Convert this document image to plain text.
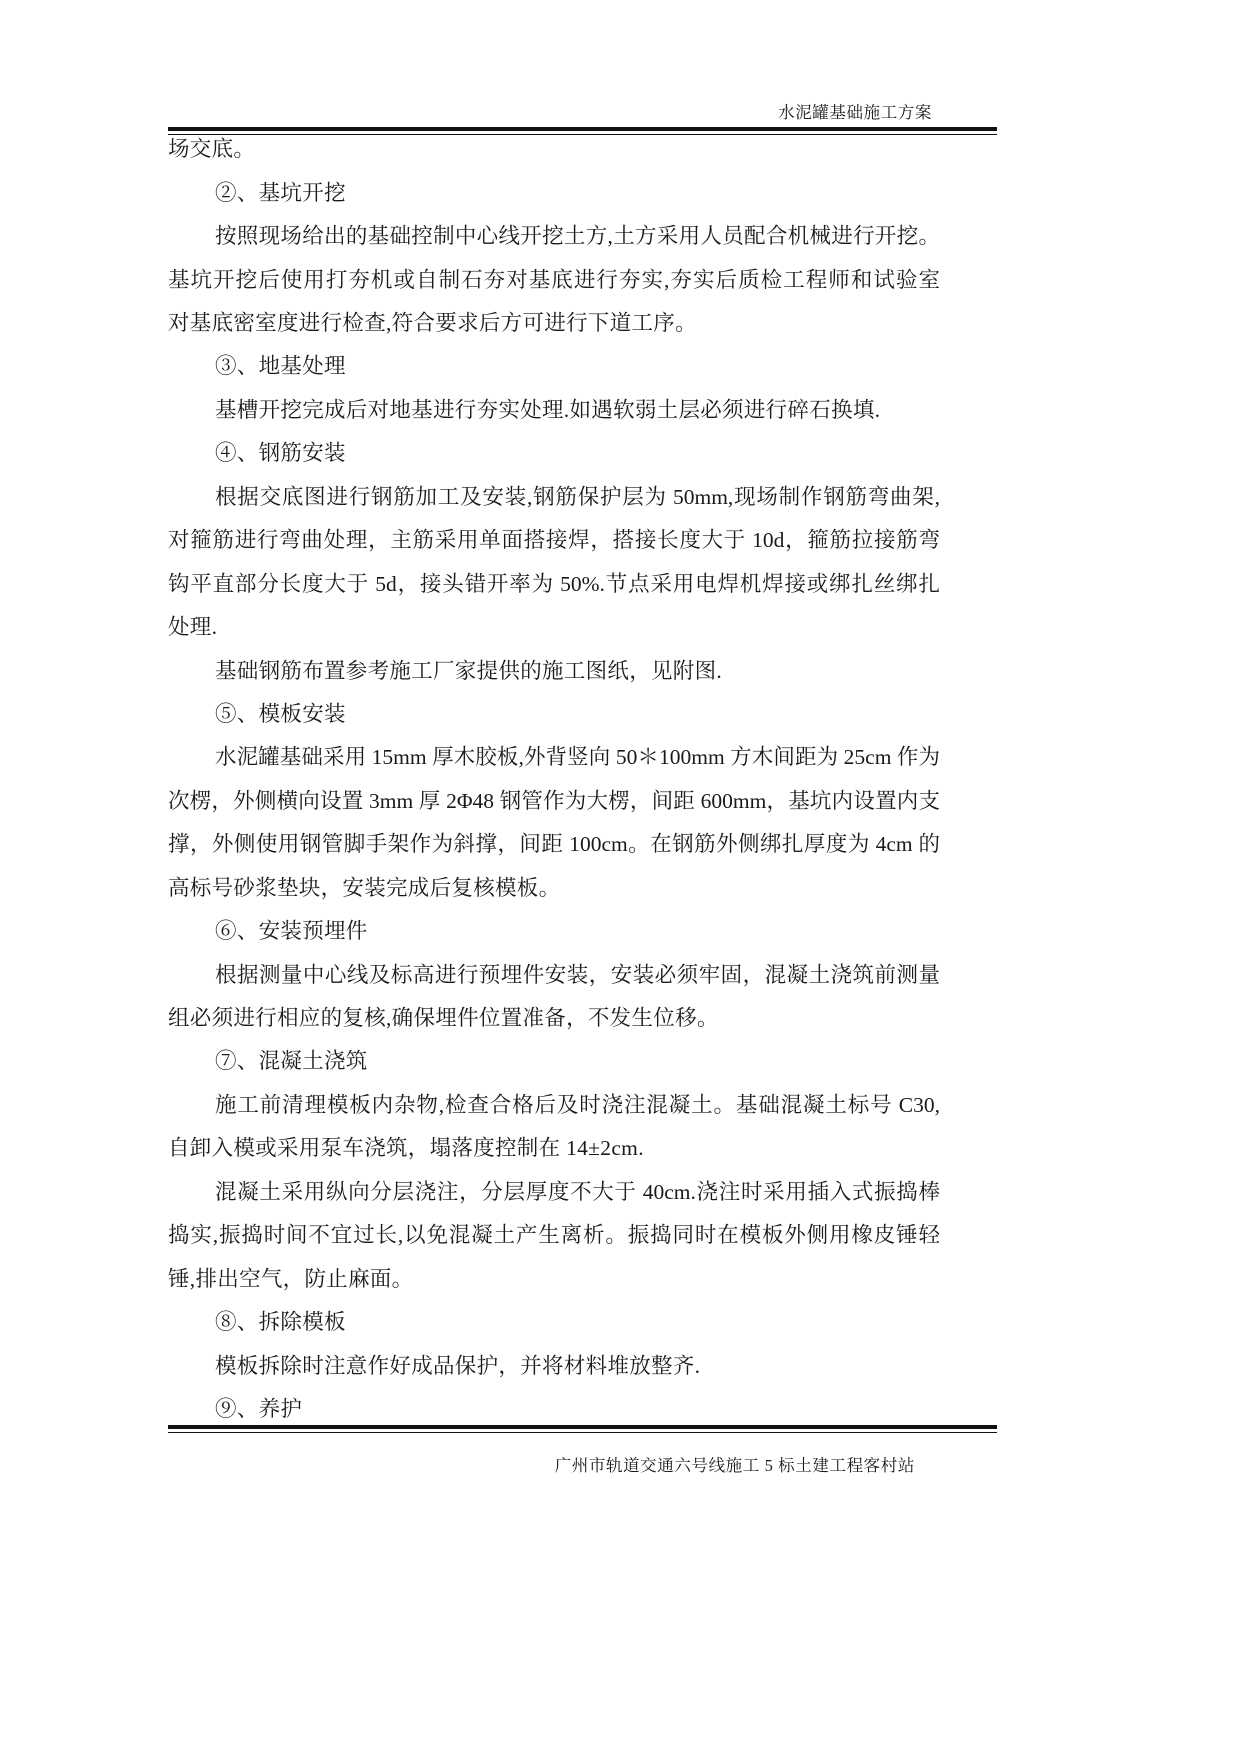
水泥罐基础施工方案
场交底。
②、基坑开挖
按照现场给出的基础控制中心线开挖土方,土方采用人员配合机械进行开挖。
基坑开挖后使用打夯机或自制石夯对基底进行夯实,夯实后质检工程师和试验室
对基底密室度进行检查,符合要求后方可进行下道工序。
③、地基处理
基槽开挖完成后对地基进行夯实处理.如遇软弱土层必须进行碎石换填.
④、钢筋安装
根据交底图进行钢筋加工及安装,钢筋保护层为 50mm,现场制作钢筋弯曲架,
对箍筋进行弯曲处理，主筋采用单面搭接焊，搭接长度大于 10d，箍筋拉接筋弯
钩平直部分长度大于 5d，接头错开率为 50%.节点采用电焊机焊接或绑扎丝绑扎
处理.
基础钢筋布置参考施工厂家提供的施工图纸，见附图.
⑤、模板安装
水泥罐基础采用 15mm 厚木胶板,外背竖向 50＊100mm 方木间距为 25cm 作为
次楞，外侧横向设置 3mm 厚 2Φ48 钢管作为大楞，间距 600mm，基坑内设置内支
撑，外侧使用钢管脚手架作为斜撑，间距 100cm。在钢筋外侧绑扎厚度为 4cm 的
高标号砂浆垫块，安装完成后复核模板。
⑥、安装预埋件
根据测量中心线及标高进行预埋件安装，安装必须牢固，混凝土浇筑前测量
组必须进行相应的复核,确保埋件位置准备，不发生位移。
⑦、混凝土浇筑
施工前清理模板内杂物,检查合格后及时浇注混凝土。基础混凝土标号 C30,
自卸入模或采用泵车浇筑，塌落度控制在 14±2cm.
混凝土采用纵向分层浇注，分层厚度不大于 40cm.浇注时采用插入式振捣棒
捣实,振捣时间不宜过长,以免混凝土产生离析。振捣同时在模板外侧用橡皮锤轻
锤,排出空气，防止麻面。
⑧、拆除模板
模板拆除时注意作好成品保护，并将材料堆放整齐.
⑨、养护
广州市轨道交通六号线施工 5 标土建工程客村站
